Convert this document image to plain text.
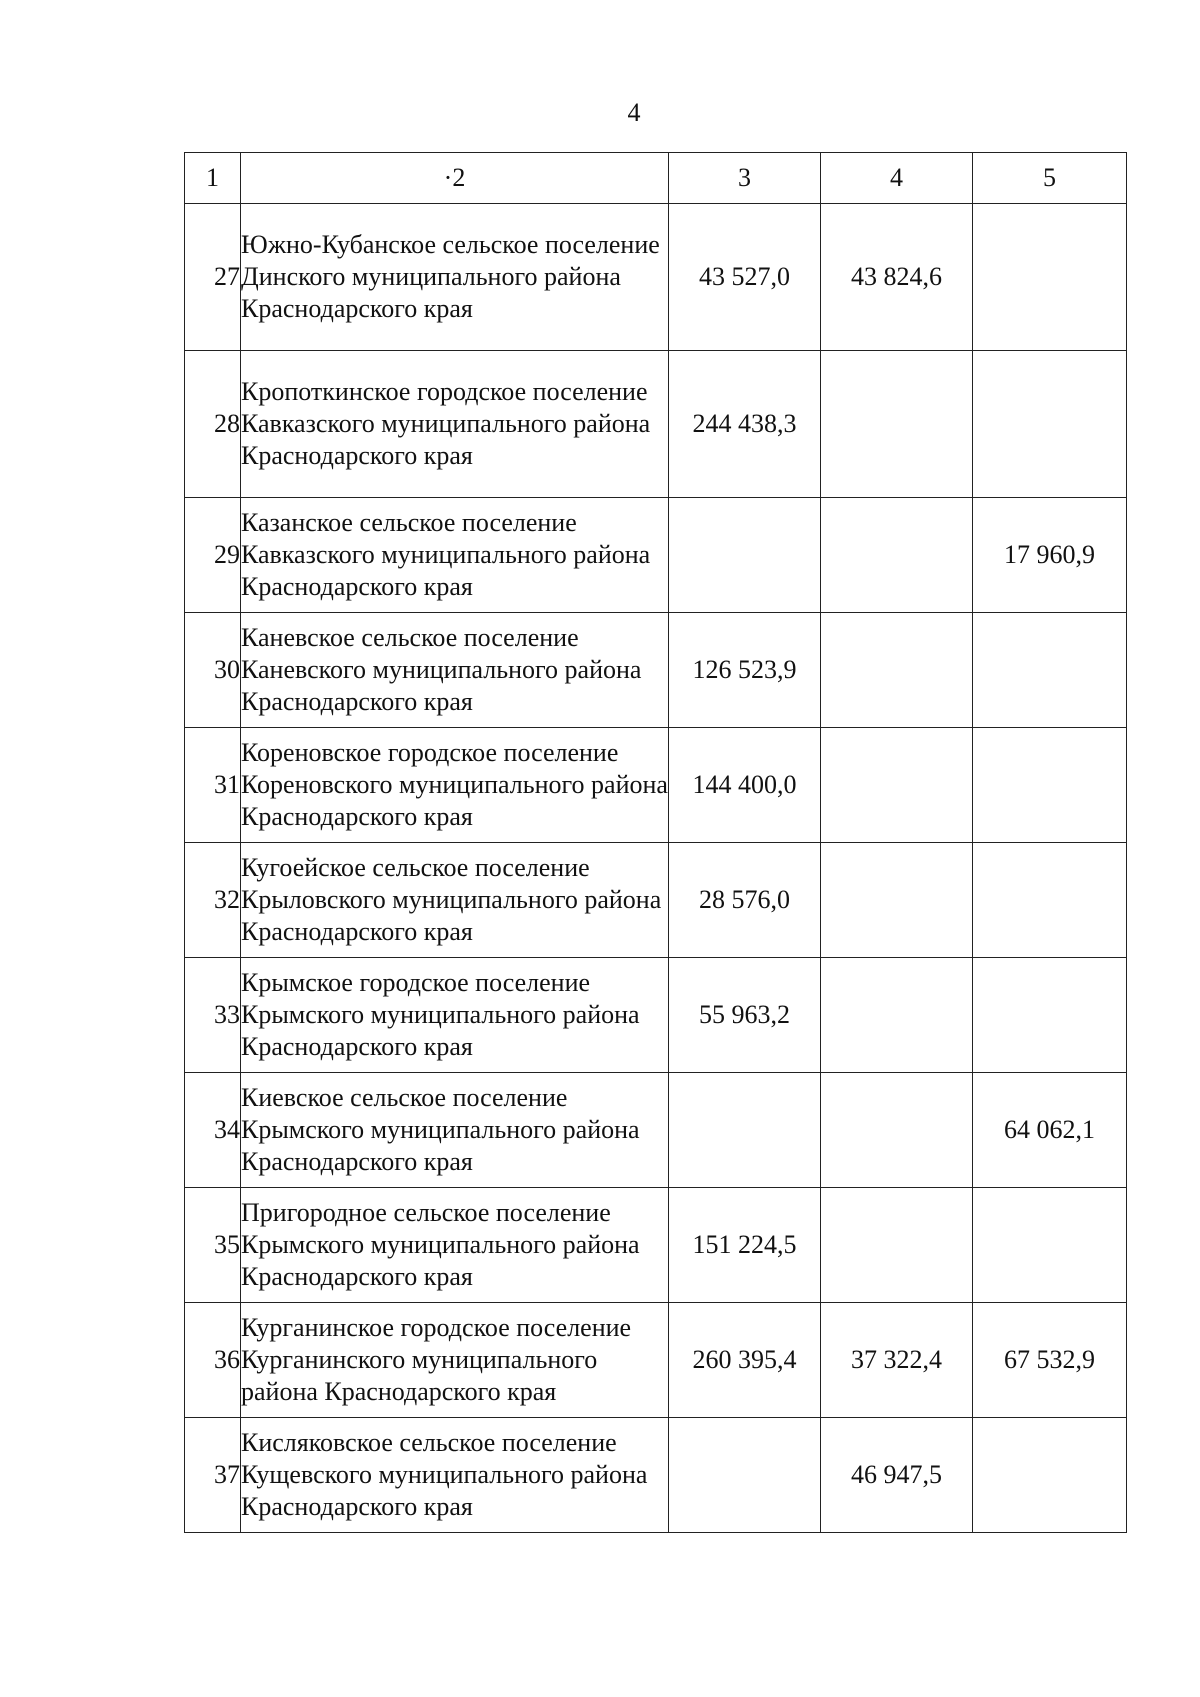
4
1	·2	3	4	5
27	Южно-Кубанское сельское поселение Динского муниципального района Краснодарского края	43 527,0	43 824,6	
28	Кропоткинское городское поселение Кавказского муниципального района Краснодарского края	244 438,3		
29	Казанское сельское поселение Кавказского муниципального района Краснодарского края			17 960,9
30	Каневское сельское поселение Каневского муниципального района Краснодарского края	126 523,9		
31	Кореновское городское поселение Кореновского муниципального района Краснодарского края	144 400,0		
32	Кугоейское сельское поселение Крыловского муниципального района Краснодарского края	28 576,0		
33	Крымское городское поселение Крымского муниципального района Краснодарского края	55 963,2		
34	Киевское сельское поселение Крымского муниципального района Краснодарского края			64 062,1
35	Пригородное сельское поселение Крымского муниципального района Краснодарского края	151 224,5		
36	Курганинское городское поселение Курганинского муниципального района Краснодарского края	260 395,4	37 322,4	67 532,9
37	Кисляковское сельское поселение Кущевского муниципального района Краснодарского края		46 947,5	
